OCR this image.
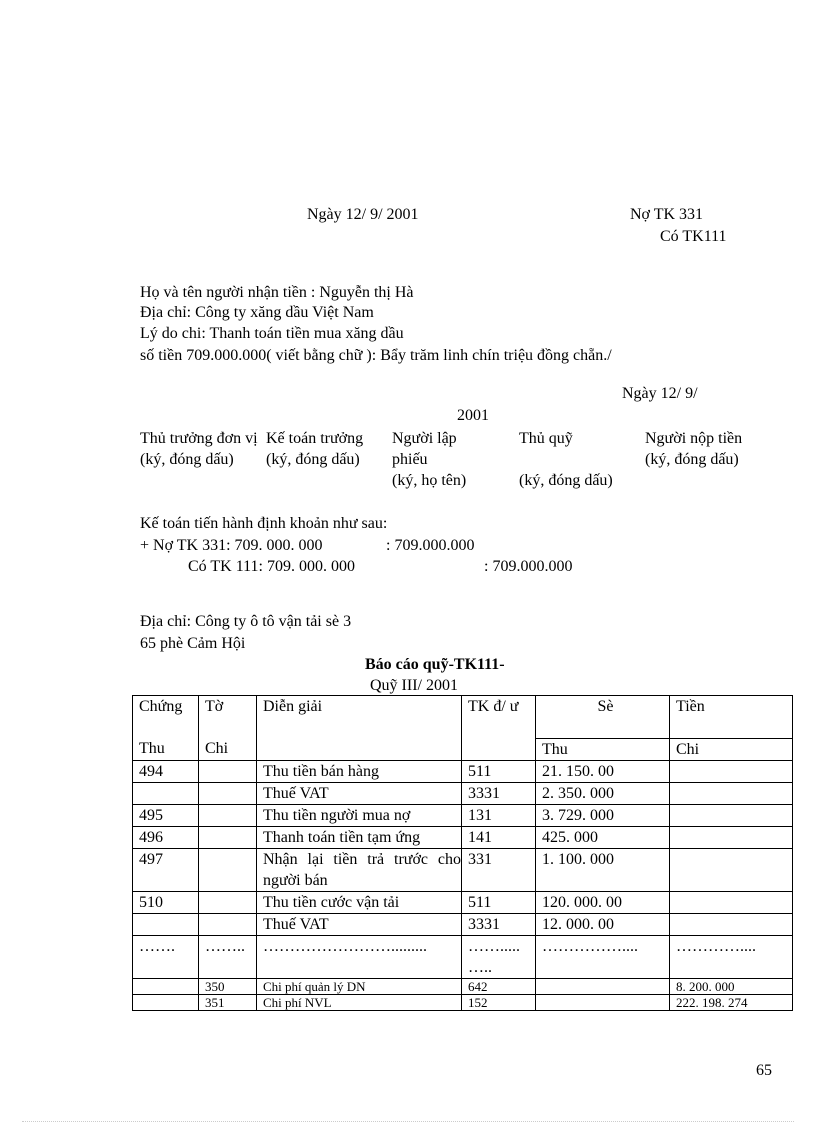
Ngày 12/ 9/ 2001	Nợ TK 331
Có TK111
Họ và tên người nhận tiền : Nguyễn thị Hà
Địa chỉ: Công ty xăng dầu Việt Nam
Lý do chi: Thanh toán tiền mua xăng dầu
số tiền 709.000.000( viết bằng chữ ): Bẩy trăm linh chín triệu đồng chẵn./
Ngày 12/ 9/
2001
Thủ trưởng đơn vị
(ký, đóng dấu)
Kế toán trưởng
(ký, đóng dấu)
Người lập phiếu
(ký, họ tên)
Thủ quỹ
(ký, đóng dấu)
Người nộp tiền
(ký, đóng dấu)
Kế toán tiến hành định khoản như sau:
+ Nợ TK 331: 709. 000. 000	: 709.000.000
Có TK 111: 709. 000. 000	: 709.000.000
Địa chỉ: Công ty ô tô vận tải sè 3
65 phè Cảm Hội
Báo cáo quỹ-TK111-
Quỹ III/ 2001
Chứng	Tờ	Diễn giải	TK đ/ ư	Sè	Tiền
Thu	Chi			Thu	Chi
494		Thu tiền bán hàng	511	21. 150. 00	
		Thuế VAT	3331	2. 350. 000	
495		Thu tiền người mua nợ	131	3. 729. 000	
496		Thanh toán tiền tạm ứng	141	425. 000	
497		Nhận lại tiền trả trước cho người bán	331	1. 100. 000	
510		Thu tiền cước vận tải	511	120. 000. 00	
		Thuế VAT	3331	12. 000. 00	
…….	……..	…………………….........	……..... …..	……………....	…………....
	350	Chi phí quản lý DN	642		8. 200. 000
	351	Chi phí NVL	152		222. 198. 274
65
